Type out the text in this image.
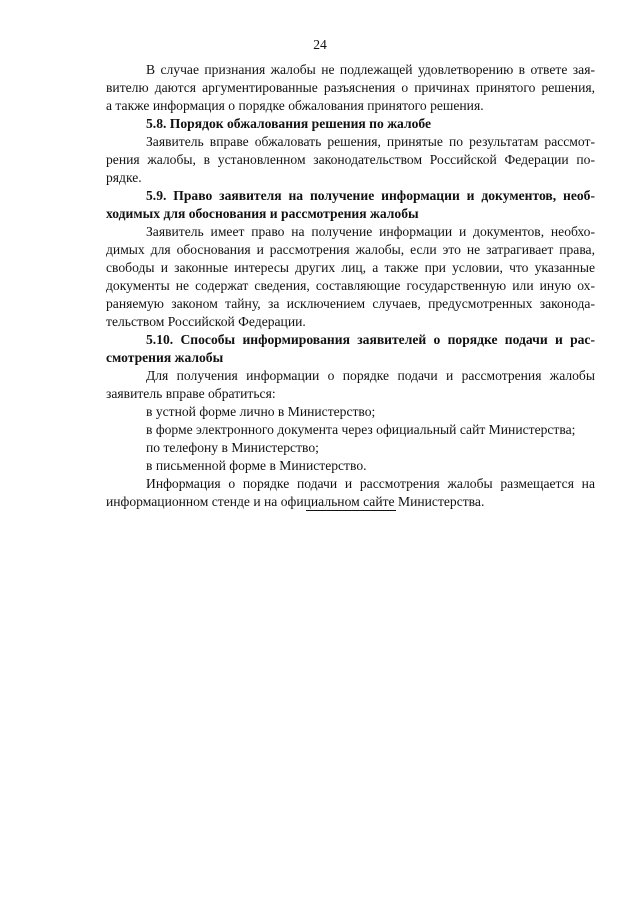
24
В случае признания жалобы не подлежащей удовлетворению в ответе зая-
вителю даются аргументированные разъяснения о причинах принятого решения,
а также информация о порядке обжалования принятого решения.
5.8. Порядок обжалования решения по жалобе
Заявитель вправе обжаловать решения, принятые по результатам рассмот-
рения жалобы, в установленном законодательством Российской Федерации по-
рядке.
5.9. Право заявителя на получение информации и документов, необ-
ходимых для обоснования и рассмотрения жалобы
Заявитель имеет право на получение информации и документов, необхо-
димых для обоснования и рассмотрения жалобы, если это не затрагивает права,
свободы и законные интересы других лиц, а также при условии, что указанные
документы не содержат сведения, составляющие государственную или иную ох-
раняемую законом тайну, за исключением случаев, предусмотренных законода-
тельством Российской Федерации.
5.10. Способы информирования заявителей о порядке подачи и рас-
смотрения жалобы
Для получения информации о порядке подачи и рассмотрения жалобы
заявитель вправе обратиться:
в устной форме лично в Министерство;
в форме электронного документа через официальный сайт Министерства;
по телефону в Министерство;
в письменной форме в Министерство.
Информация о порядке подачи и рассмотрения жалобы размещается на
информационном стенде и на официальном сайте Министерства.
